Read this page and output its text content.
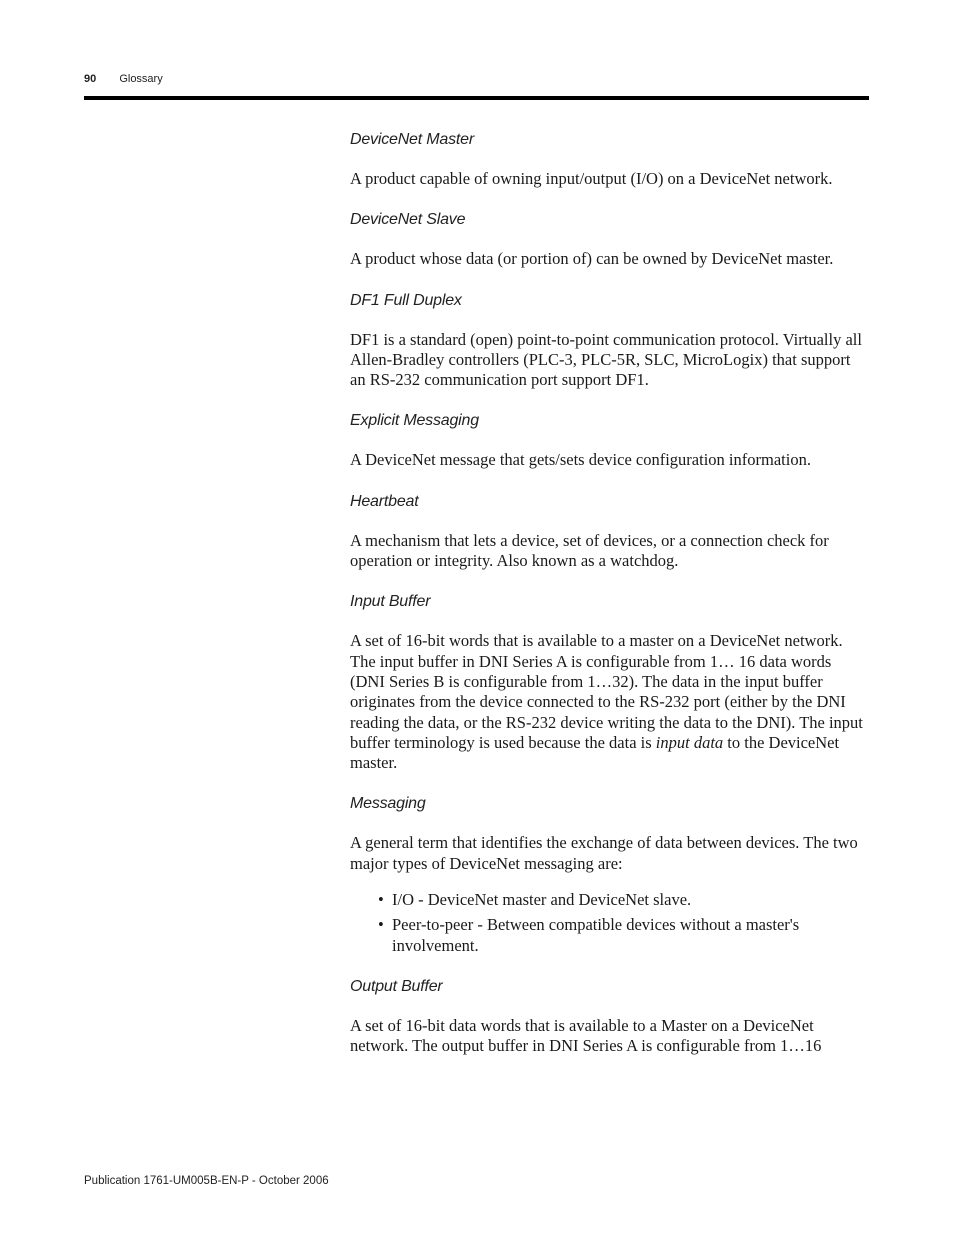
90 Glossary
DeviceNet Master

A product capable of owning input/output (I/O) on a DeviceNet network.

DeviceNet Slave

A product whose data (or portion of) can be owned by DeviceNet master.

DF1 Full Duplex

DF1 is a standard (open) point-to-point communication protocol. Virtually all Allen-Bradley controllers (PLC-3, PLC-5R, SLC, MicroLogix) that support an RS-232 communication port support DF1.

Explicit Messaging

A DeviceNet message that gets/sets device configuration information.

Heartbeat

A mechanism that lets a device, set of devices, or a connection check for operation or integrity. Also known as a watchdog.

Input Buffer

A set of 16-bit words that is available to a master on a DeviceNet network. The input buffer in DNI Series A is configurable from 1… 16 data words (DNI Series B is configurable from 1…32). The data in the input buffer originates from the device connected to the RS-232 port (either by the DNI reading the data, or the RS-232 device writing the data to the DNI). The input buffer terminology is used because the data is input data to the DeviceNet master.

Messaging

A general term that identifies the exchange of data between devices. The two major types of DeviceNet messaging are:

• I/O - DeviceNet master and DeviceNet slave.
• Peer-to-peer - Between compatible devices without a master's involvement.
Output Buffer

A set of 16-bit data words that is available to a Master on a DeviceNet network. The output buffer in DNI Series A is configurable from 1…16

Publication 1761-UM005B-EN-P - October 2006
